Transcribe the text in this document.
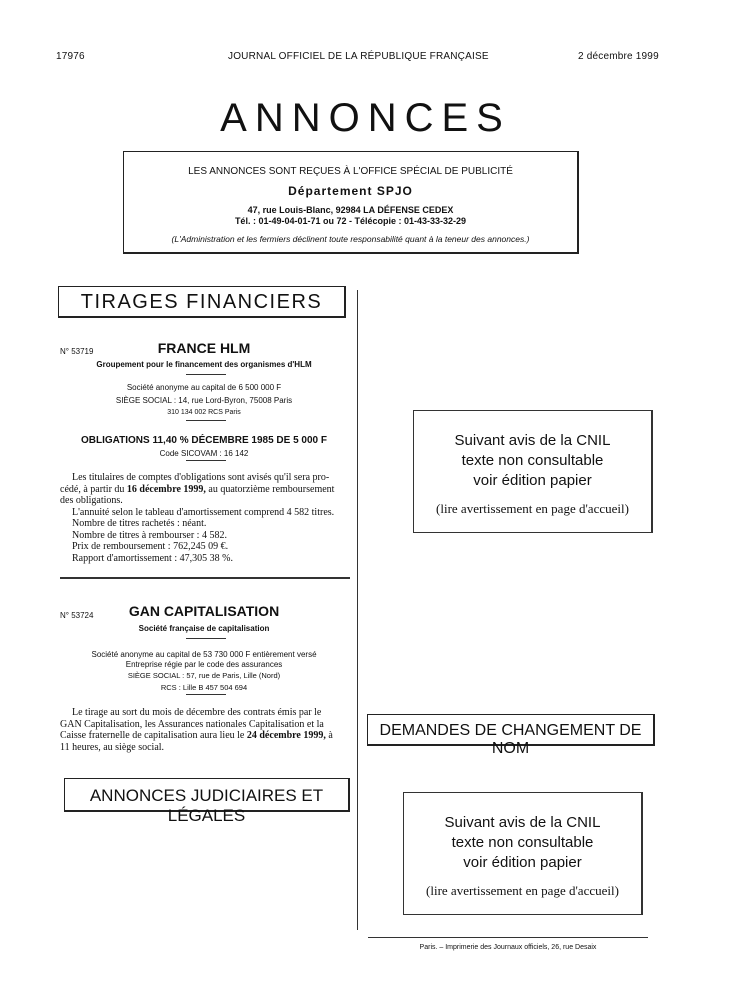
17976	JOURNAL OFFICIEL DE LA RÉPUBLIQUE FRANÇAISE	2 décembre 1999
ANNONCES
LES ANNONCES SONT REÇUES À L'OFFICE SPÉCIAL DE PUBLICITÉ
Département SPJO
47, rue Louis-Blanc, 92984 LA DÉFENSE CEDEX
Tél. : 01-49-04-01-71 ou 72 - Télécopie : 01-43-33-32-29
(L'Administration et les fermiers déclinent toute responsabilité quant à la teneur des annonces.)
TIRAGES FINANCIERS
N° 53719	FRANCE HLM
Groupement pour le financement des organismes d'HLM
Société anonyme au capital de 6 500 000 F
SIÈGE SOCIAL : 14, rue Lord-Byron, 75008 Paris
310 134 002 RCS Paris
OBLIGATIONS 11,40 % DÉCEMBRE 1985 DE 5 000 F
Code SICOVAM : 16 142
Les titulaires de comptes d'obligations sont avisés qu'il sera pro-
cédé, à partir du 16 décembre 1999, au quatorzième remboursement
des obligations.
L'annuité selon le tableau d'amortissement comprend 4 582 titres.
Nombre de titres rachetés : néant.
Nombre de titres à rembourser : 4 582.
Prix de remboursement : 762,245 09 €.
Rapport d'amortissement : 47,305 38 %.
N° 53724	GAN CAPITALISATION
Société française de capitalisation
Société anonyme au capital de 53 730 000 F entièrement versé
Entreprise régie par le code des assurances
SIÈGE SOCIAL : 57, rue de Paris, Lille (Nord)
RCS : Lille B 457 504 694
Le tirage au sort du mois de décembre des contrats émis par le
GAN Capitalisation, les Assurances nationales Capitalisation et la
Caisse fraternelle de capitalisation aura lieu le 24 décembre 1999, à
11 heures, au siège social.
ANNONCES JUDICIAIRES ET LÉGALES
Suivant avis de la CNIL
texte non consultable
voir édition papier
(lire avertissement en page d'accueil)
DEMANDES DE CHANGEMENT DE NOM
Suivant avis de la CNIL
texte non consultable
voir édition papier
(lire avertissement en page d'accueil)
Paris. – Imprimerie des Journaux officiels, 26, rue Desaix
